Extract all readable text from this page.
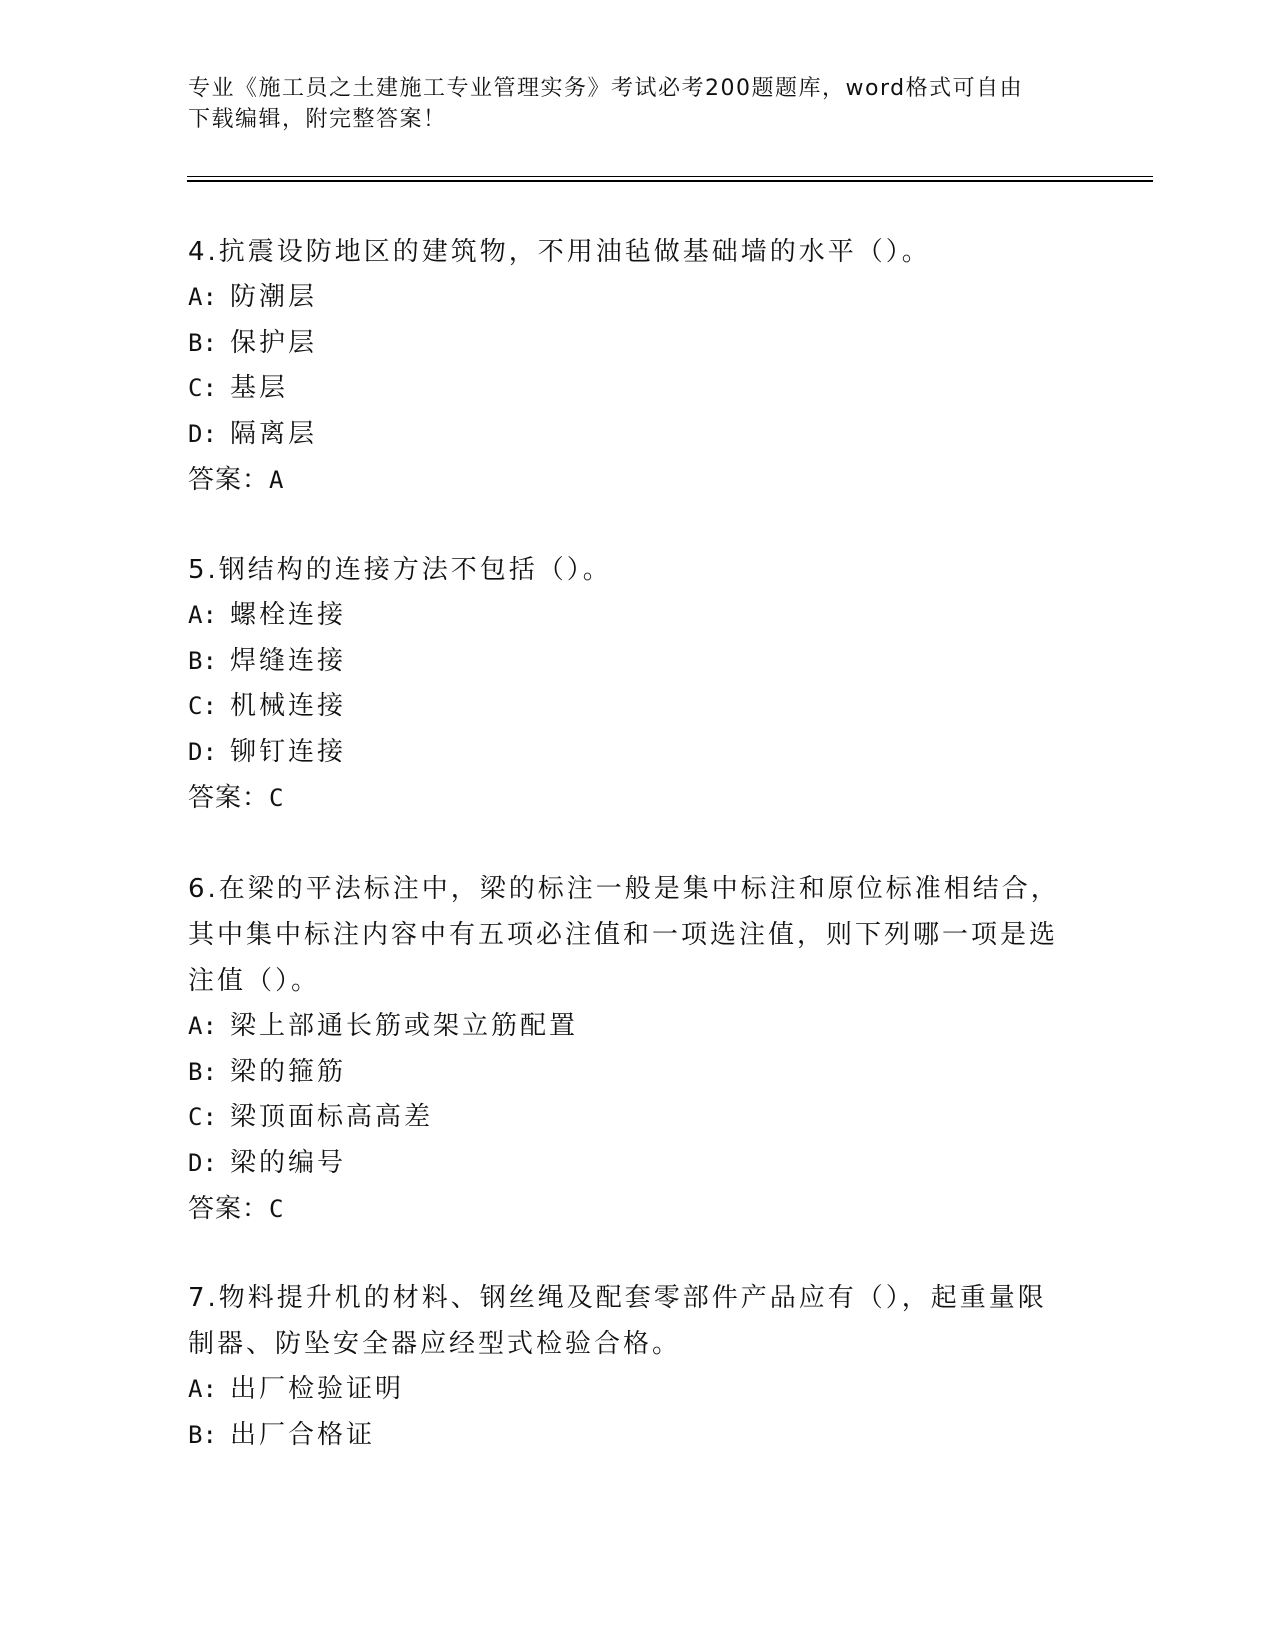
专业《施工员之土建施工专业管理实务》考试必考200题题库，word格式可自由
下载编辑，附完整答案！
4.抗震设防地区的建筑物，不用油毡做基础墙的水平（）。
A: 防潮层
B: 保护层
C: 基层
D: 隔离层
答案：A
5.钢结构的连接方法不包括（）。
A: 螺栓连接
B: 焊缝连接
C: 机械连接
D: 铆钉连接
答案：C
6.在梁的平法标注中，梁的标注一般是集中标注和原位标准相结合，
其中集中标注内容中有五项必注值和一项选注值，则下列哪一项是选
注值（）。
A: 梁上部通长筋或架立筋配置
B: 梁的箍筋
C: 梁顶面标高高差
D: 梁的编号
答案：C
7.物料提升机的材料、钢丝绳及配套零部件产品应有（），起重量限
制器、防坠安全器应经型式检验合格。
A: 出厂检验证明
B: 出厂合格证
